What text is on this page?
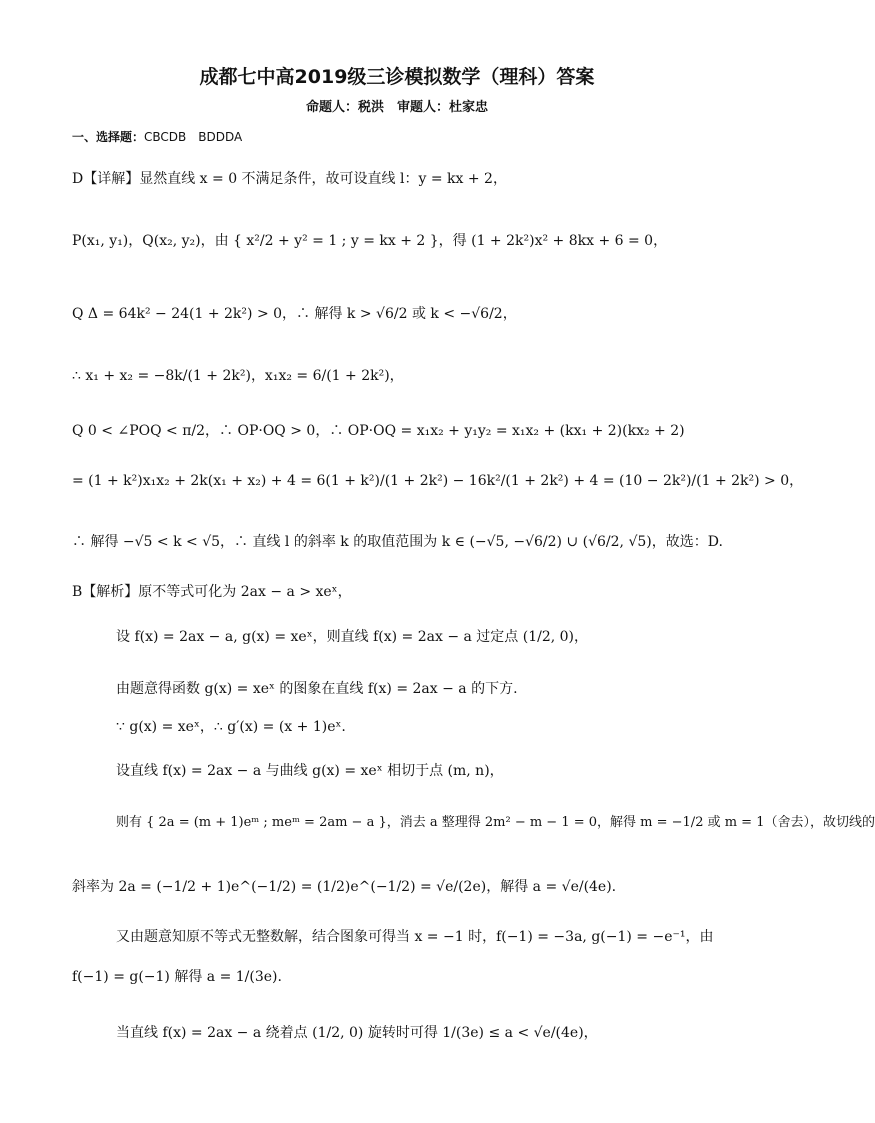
成都七中高2019级三诊模拟数学（理科）答案
命题人：税洪　审题人：杜家忠
一、选择题：CBCDB　BDDDA
D【详解】显然直线 x = 0 不满足条件，故可设直线 l：y = kx + 2，
P(x₁, y₁)，Q(x₂, y₂)，由 { x²/2 + y² = 1 ; y = kx + 2 }，得 (1 + 2k²)x² + 8kx + 6 = 0，
Q Δ = 64k² − 24(1 + 2k²) > 0，∴ 解得 k > √6/2 或 k < −√6/2，
∴ x₁ + x₂ = −8k/(1 + 2k²)，x₁x₂ = 6/(1 + 2k²)，
Q 0 < ∠POQ < π/2，∴ OP·OQ > 0，∴ OP·OQ = x₁x₂ + y₁y₂ = x₁x₂ + (kx₁ + 2)(kx₂ + 2)
= (1 + k²)x₁x₂ + 2k(x₁ + x₂) + 4 = 6(1 + k²)/(1 + 2k²) − 16k²/(1 + 2k²) + 4 = (10 − 2k²)/(1 + 2k²) > 0，
∴ 解得 −√5 < k < √5，∴ 直线 l 的斜率 k 的取值范围为 k ∈ (−√5, −√6/2) ∪ (√6/2, √5)，故选：D.
B【解析】原不等式可化为 2ax − a > xeˣ，
设 f(x) = 2ax − a, g(x) = xeˣ，则直线 f(x) = 2ax − a 过定点 (1/2, 0)，
由题意得函数 g(x) = xeˣ 的图象在直线 f(x) = 2ax − a 的下方.
∵ g(x) = xeˣ，∴ g′(x) = (x + 1)eˣ.
设直线 f(x) = 2ax − a 与曲线 g(x) = xeˣ 相切于点 (m, n)，
则有 { 2a = (m + 1)eᵐ ; meᵐ = 2am − a }，消去 a 整理得 2m² − m − 1 = 0，解得 m = −1/2 或 m = 1（舍去），故切线的
斜率为 2a = (−1/2 + 1)e^(−1/2) = (1/2)e^(−1/2) = √e/(2e)，解得 a = √e/(4e).
又由题意知原不等式无整数解，结合图象可得当 x = −1 时，f(−1) = −3a, g(−1) = −e⁻¹，由
f(−1) = g(−1) 解得 a = 1/(3e).
当直线 f(x) = 2ax − a 绕着点 (1/2, 0) 旋转时可得 1/(3e) ≤ a < √e/(4e)，
